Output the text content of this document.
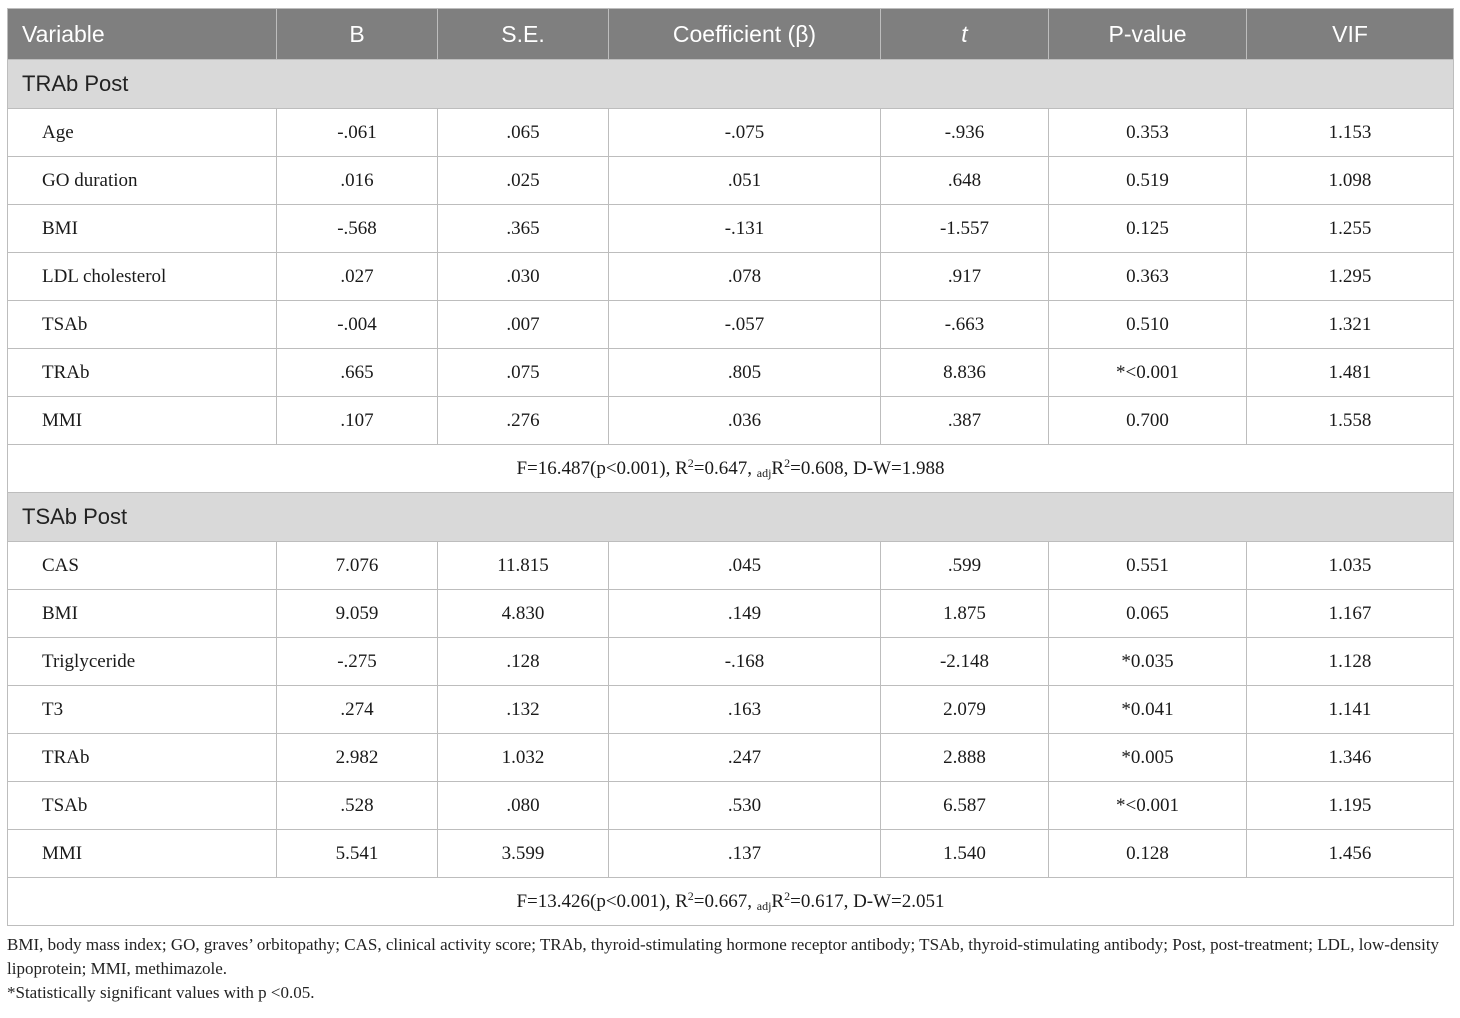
Variable	B	S.E.	Coefficient (β)	t	P-value	VIF
TRAb Post						
Age	-.061	.065	-.075	-.936	0.353	1.153
GO duration	.016	.025	.051	.648	0.519	1.098
BMI	-.568	.365	-.131	-1.557	0.125	1.255
LDL cholesterol	.027	.030	.078	.917	0.363	1.295
TSAb	-.004	.007	-.057	-.663	0.510	1.321
TRAb	.665	.075	.805	8.836	*<0.001	1.481
MMI	.107	.276	.036	.387	0.700	1.558
F=16.487(p<0.001), $R^2=0.647$, $_{adj}R^2=0.608$, D-W=1.988						
TSAb Post						
CAS	7.076	11.815	.045	.599	0.551	1.035
BMI	9.059	4.830	.149	1.875	0.065	1.167
Triglyceride	-.275	.128	-.168	-2.148	*0.035	1.128
T3	.274	.132	.163	2.079	*0.041	1.141
TRAb	2.982	1.032	.247	2.888	*0.005	1.346
TSAb	.528	.080	.530	6.587	*<0.001	1.195
MMI	5.541	3.599	.137	1.540	0.128	1.456
F=13.426(p<0.001), $R^2=0.667$, $_{adj}R^2=0.617$, D-W=2.051						
BMI, body mass index; GO, graves’ orbitopathy; CAS, clinical activity score; TRAb, thyroid-stimulating hormone receptor antibody; TSAb, thyroid-stimulating antibody; Post, post-treatment; LDL, low-density lipoprotein; MMI, methimazole.
*Statistically significant values with p <0.05.
